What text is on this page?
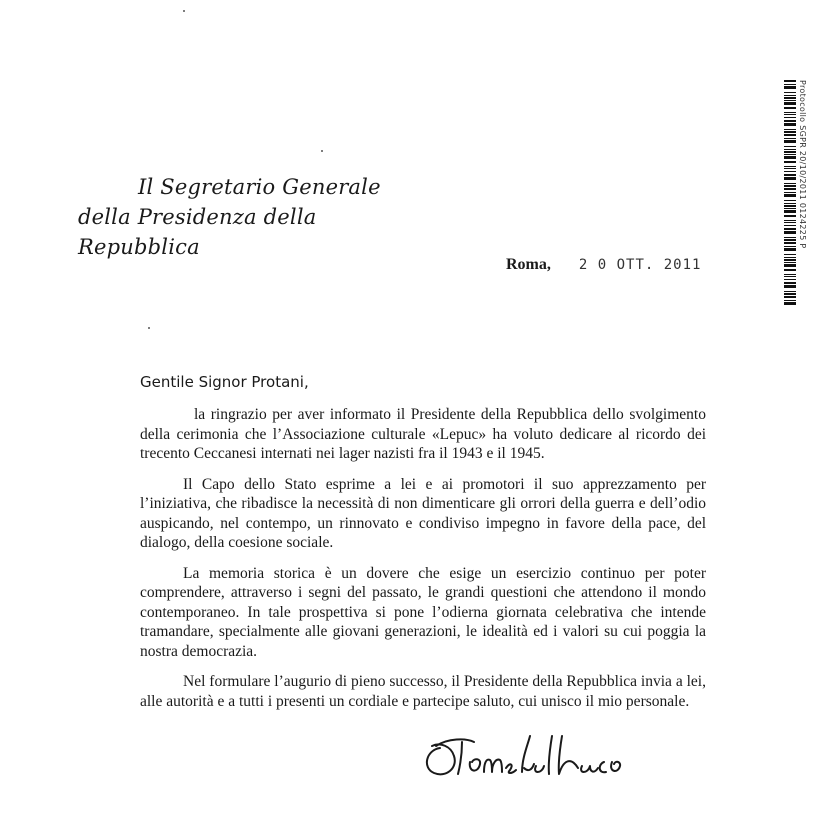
Il Segretario Generale
della Presidenza della Repubblica
Roma, 2 0 OTT. 2011
Protocollo SGPR 20/10/2011 0124225 P
Gentile Signor Protani,

la ringrazio per aver informato il Presidente della Repubblica dello svolgimento della cerimonia che l’Associazione culturale «Lepuc» ha voluto dedicare al ricordo dei trecento Ceccanesi internati nei lager nazisti fra il 1943 e il 1945.

Il Capo dello Stato esprime a lei e ai promotori il suo apprezzamento per l’iniziativa, che ribadisce la necessità di non dimenticare gli orrori della guerra e dell’odio auspicando, nel contempo, un rinnovato e condiviso impegno in favore della pace, del dialogo, della coesione sociale.

La memoria storica è un dovere che esige un esercizio continuo per poter comprendere, attraverso i segni del passato, le grandi questioni che attendono il mondo contemporaneo. In tale prospettiva si pone l’odierna giornata celebrativa che intende tramandare, specialmente alle giovani generazioni, le idealità ed i valori su cui poggia la nostra democrazia.

Nel formulare l’augurio di pieno successo, il Presidente della Repubblica invia a lei, alle autorità e a tutti i presenti un cordiale e partecipe saluto, cui unisco il mio personale.
